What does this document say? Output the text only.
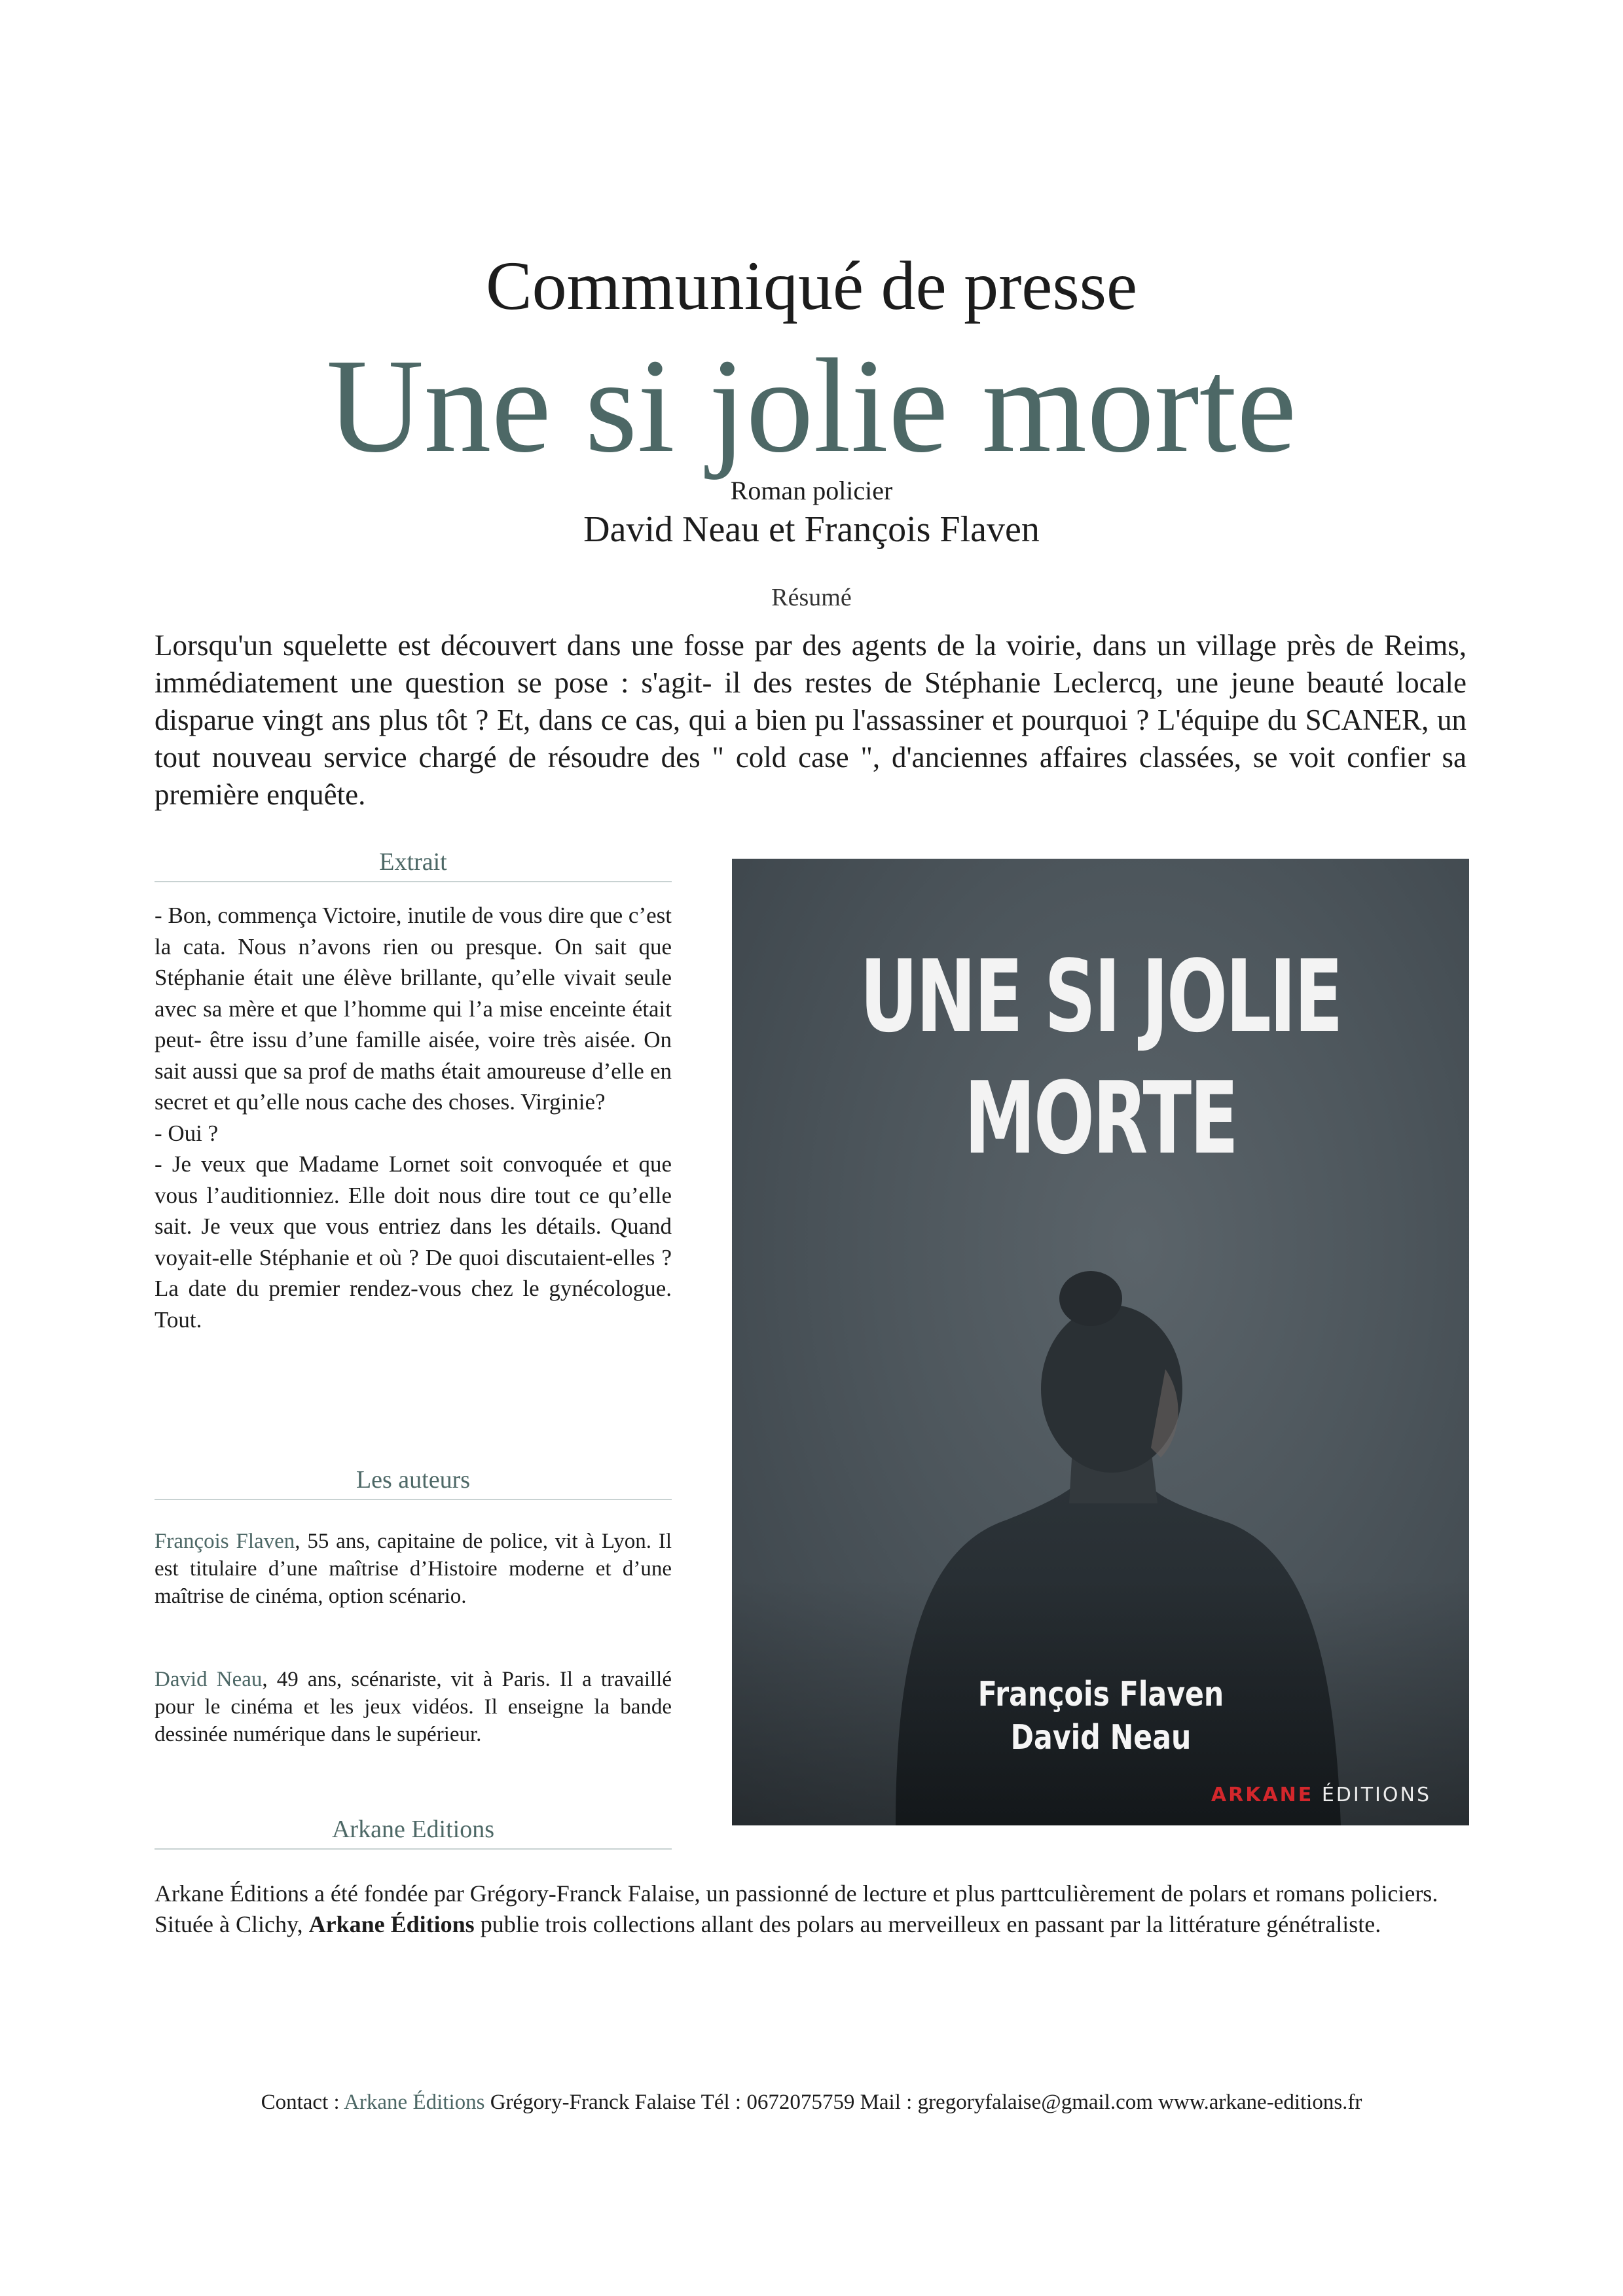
Communiqué de presse
Une si jolie morte
Roman policier
David Neau et François Flaven
Résumé
Lorsqu'un squelette est découvert dans une fosse par des agents de la voirie, dans un village près de Reims, immédiatement une question se pose : s'agit- il des restes de Stéphanie Leclercq, une jeune beauté locale disparue vingt ans plus tôt ? Et, dans ce cas, qui a bien pu l'assassiner et pourquoi ? L'équipe du SCANER, un tout nouveau service chargé de résoudre des " cold case ", d'anciennes affaires classées, se voit confier sa première enquête.
Extrait

- Bon, commença Victoire, inutile de vous dire que c’est la cata. Nous n’avons rien ou presque. On sait que Stéphanie était une élève brillante, qu’elle vivait seule avec sa mère et que l’homme qui l’a mise enceinte était peut- être issu d’une famille aisée, voire très aisée. On sait aussi que sa prof de maths était amoureuse d’elle en secret et qu’elle nous cache des choses. Virginie?

- Oui ?

- Je veux que Madame Lornet soit convoquée et que vous l’auditionniez. Elle doit nous dire tout ce qu’elle sait. Je veux que vous entriez dans les détails. Quand voyait-elle Stéphanie et où ? De quoi discutaient-elles ? La date du premier rendez-vous chez le gynécologue. Tout.

Les auteurs

François Flaven, 55 ans, capitaine de police, vit à Lyon. Il est titulaire d’une maîtrise d’Histoire moderne et d’une maîtrise de cinéma, option scénario.

David Neau, 49 ans, scénariste, vit à Paris. Il a travaillé pour le cinéma et les jeux vidéos. Il enseigne la bande dessinée numérique dans le supérieur.

Arkane Editions
Arkane Éditions a été fondée par Grégory-Franck Falaise, un passionné de lecture et plus parttculièrement de polars et romans policiers. Située à Clichy, Arkane Éditions publie trois collections allant des polars au merveilleux en passant par la littérature génétraliste.
UNE SI JOLIE
MORTE
François Flaven
David Neau
ARKANE ÉDITIONS
Contact : Arkane Éditions Grégory-Franck Falaise Tél : 0672075759 Mail : gregoryfalaise@gmail.com www.arkane-editions.fr
